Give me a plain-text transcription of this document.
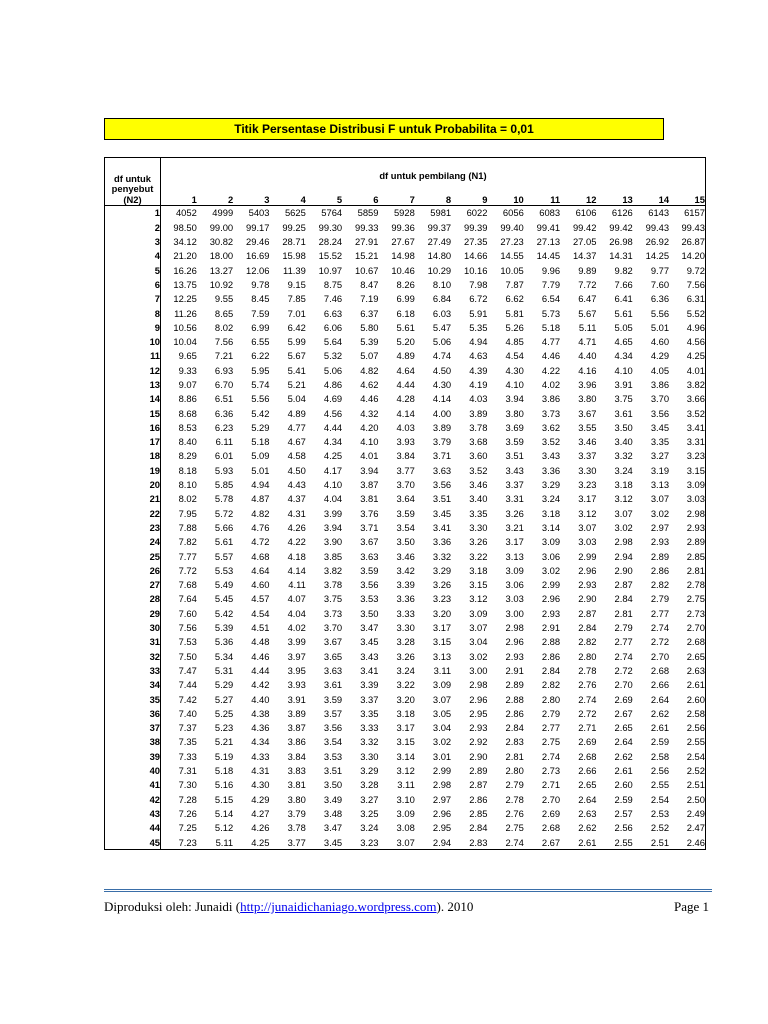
Titik Persentase Distribusi F untuk Probabilita = 0,01
df untuk
penyebut
(N2)	df untuk pembilang (N1)														
	1	2	3	4	5	6	7	8	9	10	11	12	13	14	15
1	4052	4999	5403	5625	5764	5859	5928	5981	6022	6056	6083	6106	6126	6143	6157
2	98.50	99.00	99.17	99.25	99.30	99.33	99.36	99.37	99.39	99.40	99.41	99.42	99.42	99.43	99.43
3	34.12	30.82	29.46	28.71	28.24	27.91	27.67	27.49	27.35	27.23	27.13	27.05	26.98	26.92	26.87
4	21.20	18.00	16.69	15.98	15.52	15.21	14.98	14.80	14.66	14.55	14.45	14.37	14.31	14.25	14.20
5	16.26	13.27	12.06	11.39	10.97	10.67	10.46	10.29	10.16	10.05	9.96	9.89	9.82	9.77	9.72
6	13.75	10.92	9.78	9.15	8.75	8.47	8.26	8.10	7.98	7.87	7.79	7.72	7.66	7.60	7.56
7	12.25	9.55	8.45	7.85	7.46	7.19	6.99	6.84	6.72	6.62	6.54	6.47	6.41	6.36	6.31
8	11.26	8.65	7.59	7.01	6.63	6.37	6.18	6.03	5.91	5.81	5.73	5.67	5.61	5.56	5.52
9	10.56	8.02	6.99	6.42	6.06	5.80	5.61	5.47	5.35	5.26	5.18	5.11	5.05	5.01	4.96
10	10.04	7.56	6.55	5.99	5.64	5.39	5.20	5.06	4.94	4.85	4.77	4.71	4.65	4.60	4.56
11	9.65	7.21	6.22	5.67	5.32	5.07	4.89	4.74	4.63	4.54	4.46	4.40	4.34	4.29	4.25
12	9.33	6.93	5.95	5.41	5.06	4.82	4.64	4.50	4.39	4.30	4.22	4.16	4.10	4.05	4.01
13	9.07	6.70	5.74	5.21	4.86	4.62	4.44	4.30	4.19	4.10	4.02	3.96	3.91	3.86	3.82
14	8.86	6.51	5.56	5.04	4.69	4.46	4.28	4.14	4.03	3.94	3.86	3.80	3.75	3.70	3.66
15	8.68	6.36	5.42	4.89	4.56	4.32	4.14	4.00	3.89	3.80	3.73	3.67	3.61	3.56	3.52
16	8.53	6.23	5.29	4.77	4.44	4.20	4.03	3.89	3.78	3.69	3.62	3.55	3.50	3.45	3.41
17	8.40	6.11	5.18	4.67	4.34	4.10	3.93	3.79	3.68	3.59	3.52	3.46	3.40	3.35	3.31
18	8.29	6.01	5.09	4.58	4.25	4.01	3.84	3.71	3.60	3.51	3.43	3.37	3.32	3.27	3.23
19	8.18	5.93	5.01	4.50	4.17	3.94	3.77	3.63	3.52	3.43	3.36	3.30	3.24	3.19	3.15
20	8.10	5.85	4.94	4.43	4.10	3.87	3.70	3.56	3.46	3.37	3.29	3.23	3.18	3.13	3.09
21	8.02	5.78	4.87	4.37	4.04	3.81	3.64	3.51	3.40	3.31	3.24	3.17	3.12	3.07	3.03
22	7.95	5.72	4.82	4.31	3.99	3.76	3.59	3.45	3.35	3.26	3.18	3.12	3.07	3.02	2.98
23	7.88	5.66	4.76	4.26	3.94	3.71	3.54	3.41	3.30	3.21	3.14	3.07	3.02	2.97	2.93
24	7.82	5.61	4.72	4.22	3.90	3.67	3.50	3.36	3.26	3.17	3.09	3.03	2.98	2.93	2.89
25	7.77	5.57	4.68	4.18	3.85	3.63	3.46	3.32	3.22	3.13	3.06	2.99	2.94	2.89	2.85
26	7.72	5.53	4.64	4.14	3.82	3.59	3.42	3.29	3.18	3.09	3.02	2.96	2.90	2.86	2.81
27	7.68	5.49	4.60	4.11	3.78	3.56	3.39	3.26	3.15	3.06	2.99	2.93	2.87	2.82	2.78
28	7.64	5.45	4.57	4.07	3.75	3.53	3.36	3.23	3.12	3.03	2.96	2.90	2.84	2.79	2.75
29	7.60	5.42	4.54	4.04	3.73	3.50	3.33	3.20	3.09	3.00	2.93	2.87	2.81	2.77	2.73
30	7.56	5.39	4.51	4.02	3.70	3.47	3.30	3.17	3.07	2.98	2.91	2.84	2.79	2.74	2.70
31	7.53	5.36	4.48	3.99	3.67	3.45	3.28	3.15	3.04	2.96	2.88	2.82	2.77	2.72	2.68
32	7.50	5.34	4.46	3.97	3.65	3.43	3.26	3.13	3.02	2.93	2.86	2.80	2.74	2.70	2.65
33	7.47	5.31	4.44	3.95	3.63	3.41	3.24	3.11	3.00	2.91	2.84	2.78	2.72	2.68	2.63
34	7.44	5.29	4.42	3.93	3.61	3.39	3.22	3.09	2.98	2.89	2.82	2.76	2.70	2.66	2.61
35	7.42	5.27	4.40	3.91	3.59	3.37	3.20	3.07	2.96	2.88	2.80	2.74	2.69	2.64	2.60
36	7.40	5.25	4.38	3.89	3.57	3.35	3.18	3.05	2.95	2.86	2.79	2.72	2.67	2.62	2.58
37	7.37	5.23	4.36	3.87	3.56	3.33	3.17	3.04	2.93	2.84	2.77	2.71	2.65	2.61	2.56
38	7.35	5.21	4.34	3.86	3.54	3.32	3.15	3.02	2.92	2.83	2.75	2.69	2.64	2.59	2.55
39	7.33	5.19	4.33	3.84	3.53	3.30	3.14	3.01	2.90	2.81	2.74	2.68	2.62	2.58	2.54
40	7.31	5.18	4.31	3.83	3.51	3.29	3.12	2.99	2.89	2.80	2.73	2.66	2.61	2.56	2.52
41	7.30	5.16	4.30	3.81	3.50	3.28	3.11	2.98	2.87	2.79	2.71	2.65	2.60	2.55	2.51
42	7.28	5.15	4.29	3.80	3.49	3.27	3.10	2.97	2.86	2.78	2.70	2.64	2.59	2.54	2.50
43	7.26	5.14	4.27	3.79	3.48	3.25	3.09	2.96	2.85	2.76	2.69	2.63	2.57	2.53	2.49
44	7.25	5.12	4.26	3.78	3.47	3.24	3.08	2.95	2.84	2.75	2.68	2.62	2.56	2.52	2.47
45	7.23	5.11	4.25	3.77	3.45	3.23	3.07	2.94	2.83	2.74	2.67	2.61	2.55	2.51	2.46
Diproduksi oleh: Junaidi (http://junaidichaniago.wordpress.com). 2010	Page 1
